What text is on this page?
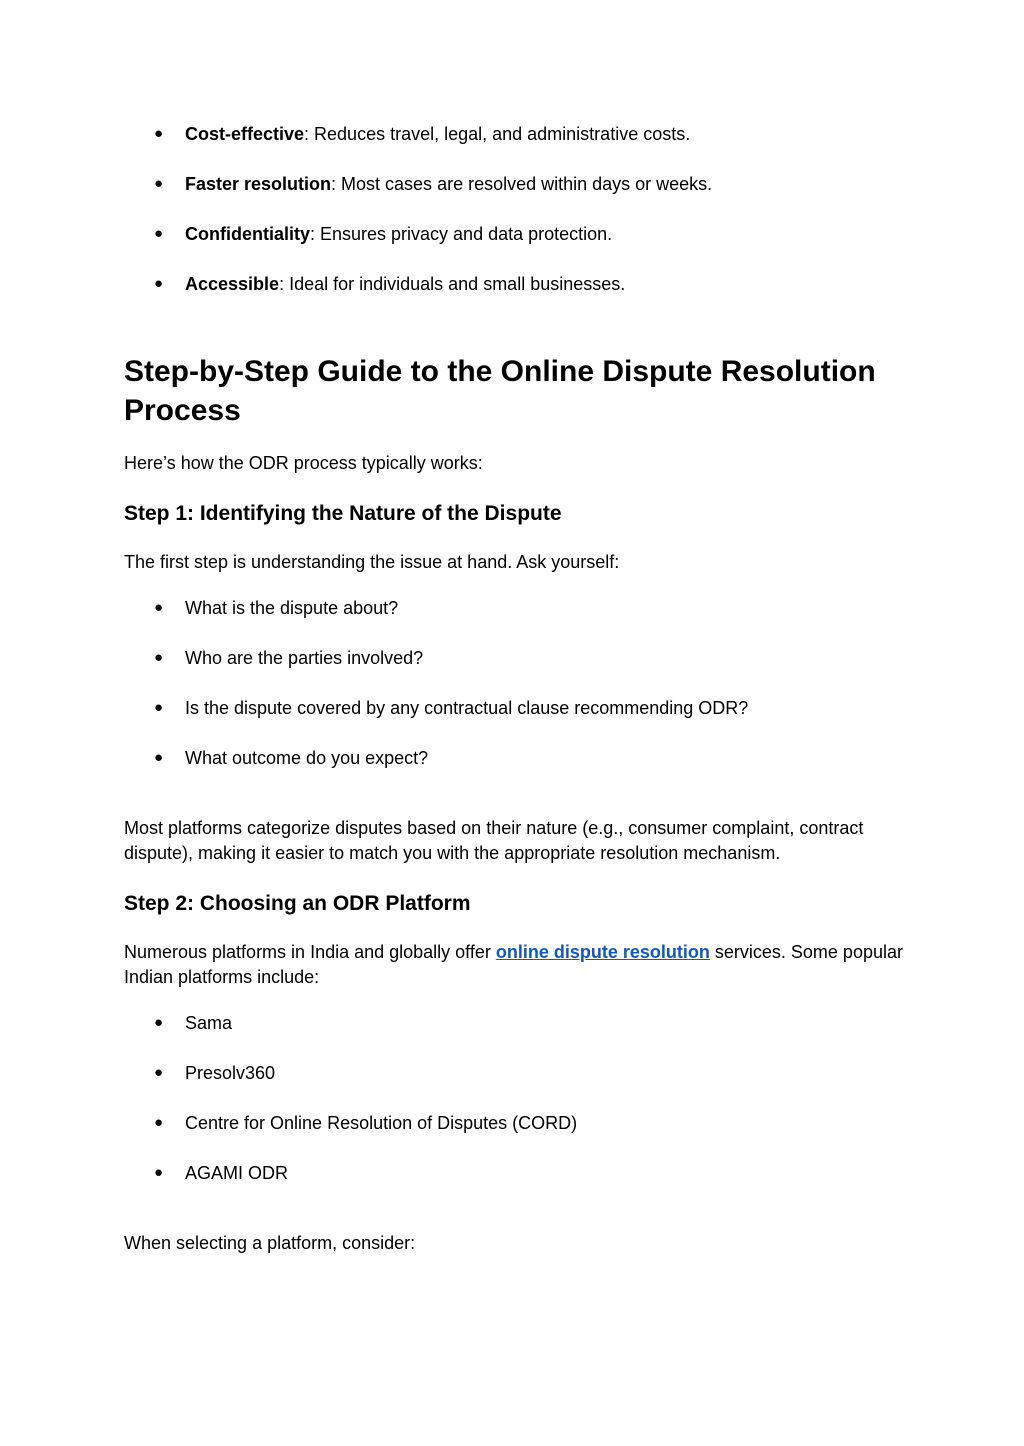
● Cost-effective: Reduces travel, legal, and administrative costs.
● Faster resolution: Most cases are resolved within days or weeks.
● Confidentiality: Ensures privacy and data protection.
● Accessible: Ideal for individuals and small businesses.
Step-by-Step Guide to the Online Dispute Resolution Process
Here’s how the ODR process typically works:
Step 1: Identifying the Nature of the Dispute
The first step is understanding the issue at hand. Ask yourself:
● What is the dispute about?
● Who are the parties involved?
● Is the dispute covered by any contractual clause recommending ODR?
● What outcome do you expect?
Most platforms categorize disputes based on their nature (e.g., consumer complaint, contract dispute), making it easier to match you with the appropriate resolution mechanism.
Step 2: Choosing an ODR Platform
Numerous platforms in India and globally offer online dispute resolution services. Some popular Indian platforms include:
● Sama
● Presolv360
● Centre for Online Resolution of Disputes (CORD)
● AGAMI ODR
When selecting a platform, consider:
